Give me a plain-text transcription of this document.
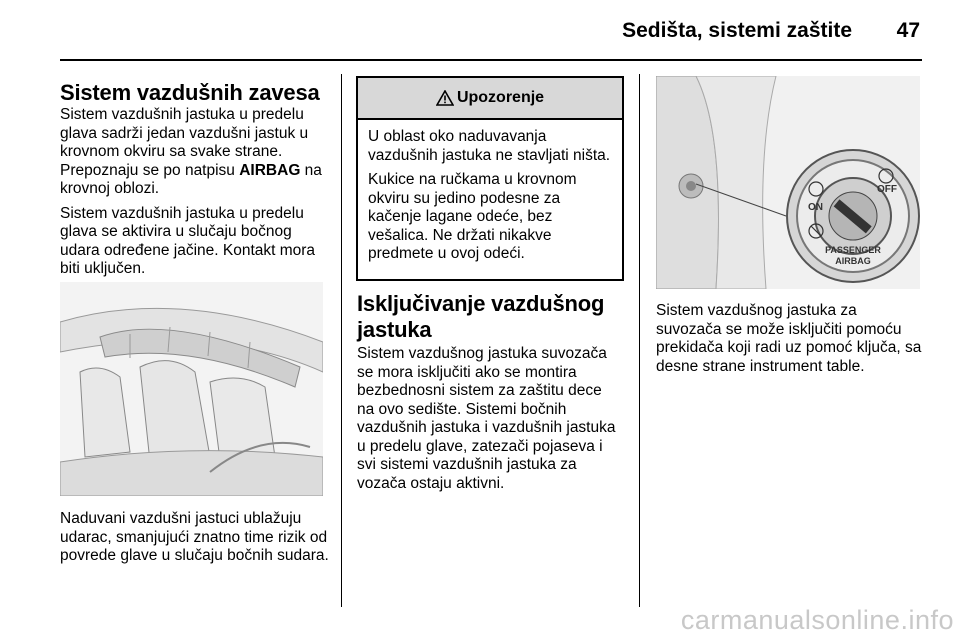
Sedišta, sistemi zaštite 47
Sistem vazdušnih zavesa

Sistem vazdušnih jastuka u predelu glava sadrži jedan vazdušni jastuk u krovnom okviru sa svake strane. Prepoznaju se po natpisu AIRBAG na krovnoj oblozi.

Sistem vazdušnih jastuka u predelu glava se aktivira u slučaju bočnog udara određene jačine. Kontakt mora biti uključen.

Naduvani vazdušni jastuci ublažuju udarac, smanjujući znatno time rizik od povrede glave u slučaju bočnih sudara.

Upozorenje

U oblast oko naduvavanja vazdušnih jastuka ne stavljati ništa.

Kukice na ručkama u krovnom okviru su jedino podesne za kačenje lagane odeće, bez vešalica. Ne držati nikakve predmete u ovoj odeći.

Isključivanje vazdušnog jastuka

Sistem vazdušnog jastuka suvozača se mora isključiti ako se montira bezbednosni sistem za zaštitu dece na ovo sedište. Sistemi bočnih vazdušnih jastuka i vazdušnih jastuka u predelu glave, zatezači pojaseva i svi sistemi vazdušnih jastuka za vozača ostaju aktivni.

ON
OFF
PASSENGER
AIRBAG

Sistem vazdušnog jastuka za suvozača se može isključiti pomoću prekidača koji radi uz pomoć ključa, sa desne strane instrument table.

carmanualsonline.info
